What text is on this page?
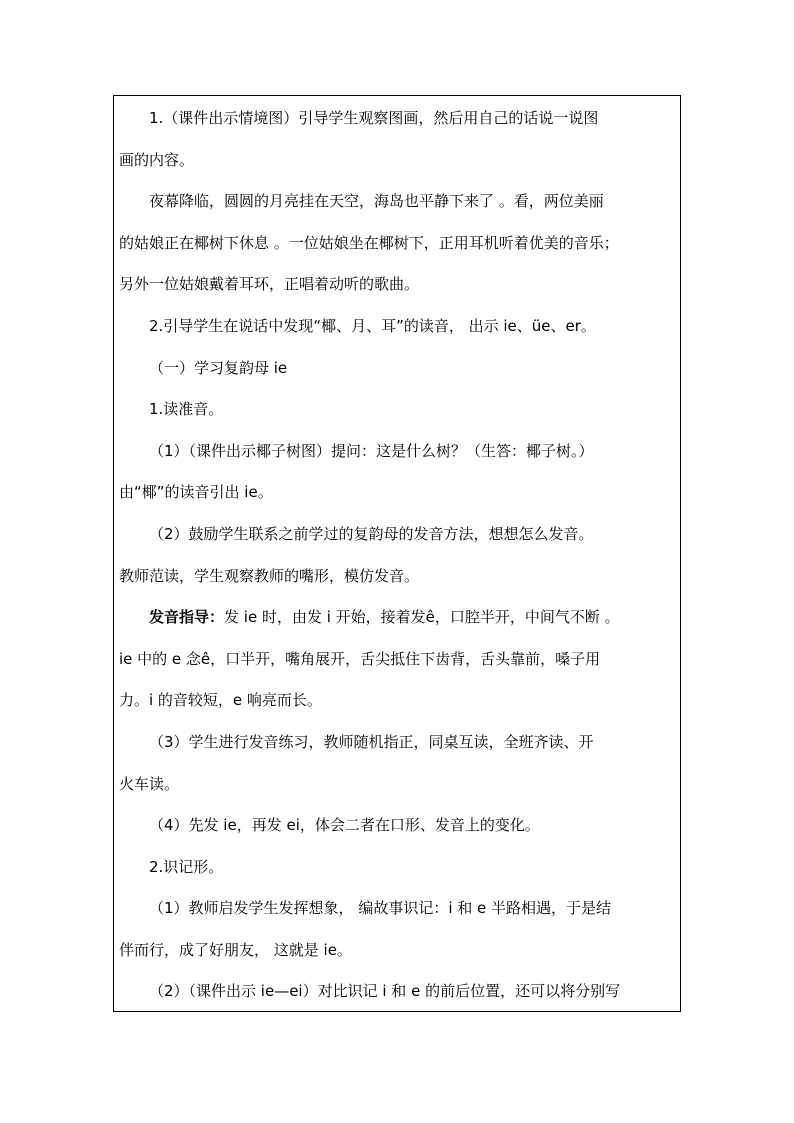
1.（课件出示情境图）引导学生观察图画，然后用自己的话说一说图

画的内容。

夜幕降临，圆圆的月亮挂在天空，海岛也平静下来了 。看，两位美丽

的姑娘正在椰树下休息 。一位姑娘坐在椰树下，正用耳机听着优美的音乐；

另外一位姑娘戴着耳环，正唱着动听的歌曲。

2.引导学生在说话中发现“椰、月、耳”的读音， 出示 ie、üe、er。

（一）学习复韵母 ie

1.读准音。

（1）（课件出示椰子树图）提问：这是什么树？（生答：椰子树。）

由“椰”的读音引出 ie。

（2）鼓励学生联系之前学过的复韵母的发音方法，想想怎么发音。

教师范读，学生观察教师的嘴形，模仿发音。

发音指导：发 ie 时，由发 i 开始，接着发ê，口腔半开，中间气不断 。

ie 中的 e 念ê，口半开，嘴角展开，舌尖抵住下齿背，舌头靠前，嗓子用

力。i 的音较短，e 响亮而长。

（3）学生进行发音练习，教师随机指正，同桌互读，全班齐读、开

火车读。

（4）先发 ie，再发 ei，体会二者在口形、发音上的变化。

2.识记形。

（1）教师启发学生发挥想象， 编故事识记：i 和 e 半路相遇，于是结

伴而行，成了好朋友， 这就是 ie。

（2）（课件出示 ie—ei）对比识记 i 和 e 的前后位置，还可以将分别写
